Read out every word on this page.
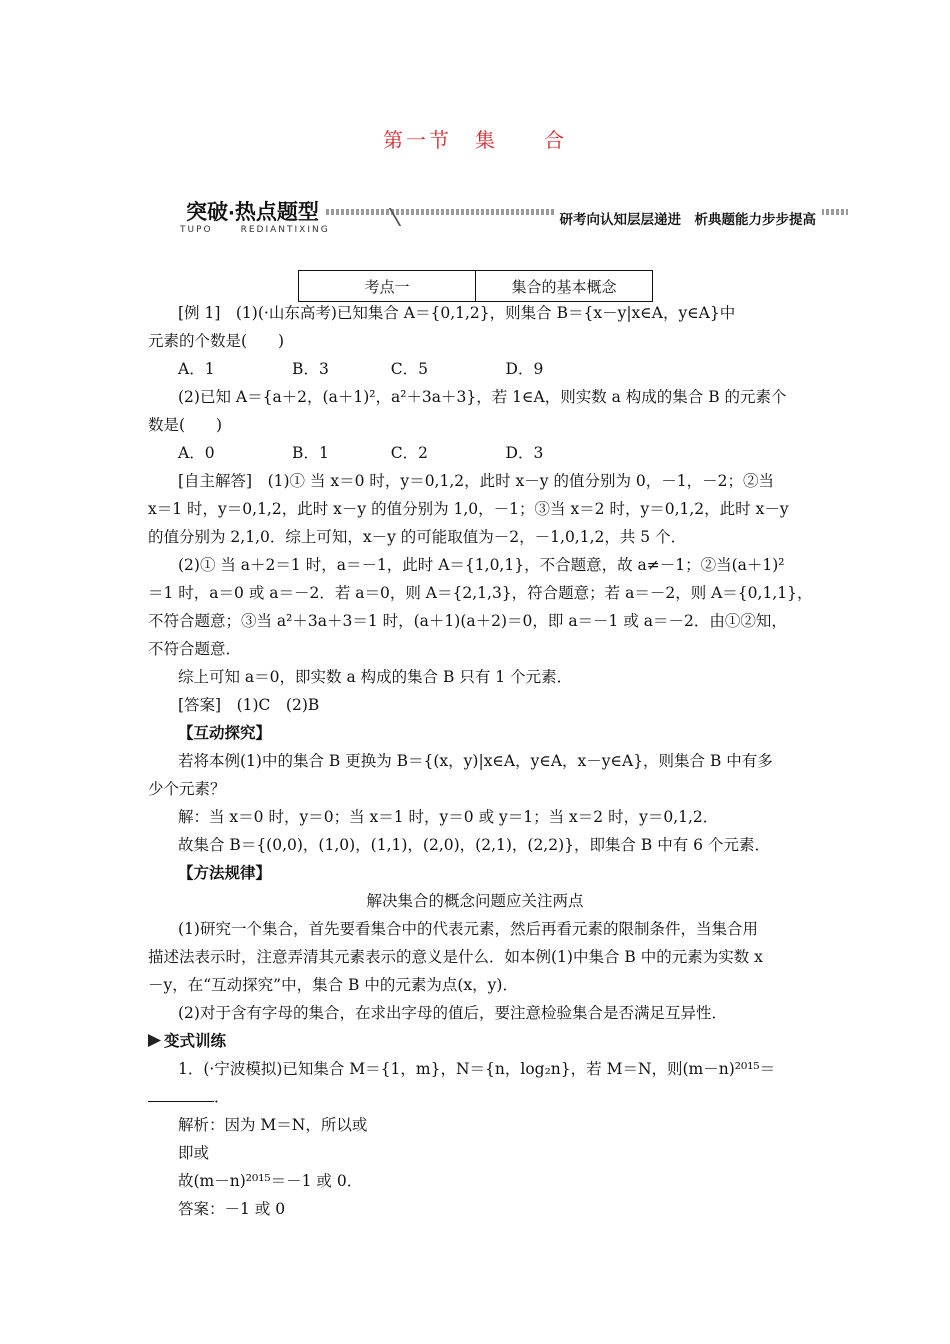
第一节　集　　合
突破·热点题型
TUPO	REDIANTIXING
研考向认知层层递进　析典题能力步步提高
考点一	集合的基本概念
[例 1]　(1)(·山东高考)已知集合 A＝{0,1,2}，则集合 B＝{x－y|x∈A，y∈A}中
元素的个数是(　　)
A．1　　　　　B．3　　　　C．5　　　　　D．9
(2)已知 A＝{a＋2，(a＋1)²，a²＋3a＋3}，若 1∈A，则实数 a 构成的集合 B 的元素个
数是(　　)
A．0　　　　　B．1　　　　C．2　　　　　D．3
[自主解答]　(1)① 当 x＝0 时，y＝0,1,2，此时 x－y 的值分别为 0，－1，－2；②当
x＝1 时，y＝0,1,2，此时 x－y 的值分别为 1,0，－1；③当 x＝2 时，y＝0,1,2，此时 x－y
的值分别为 2,1,0．综上可知，x－y 的可能取值为－2，－1,0,1,2，共 5 个．
(2)① 当 a＋2＝1 时，a＝－1，此时 A＝{1,0,1}，不合题意，故 a≠－1；②当(a＋1)²
＝1 时，a＝0 或 a＝－2．若 a＝0，则 A＝{2,1,3}，符合题意；若 a＝－2，则 A＝{0,1,1}，
不符合题意；③当 a²＋3a＋3＝1 时，(a＋1)(a＋2)＝0，即 a＝－1 或 a＝－2．由①②知，
不符合题意．
综上可知 a＝0，即实数 a 构成的集合 B 只有 1 个元素．
[答案]　(1)C　(2)B
【互动探究】
若将本例(1)中的集合 B 更换为 B＝{(x，y)|x∈A，y∈A，x－y∈A}，则集合 B 中有多
少个元素？
解：当 x＝0 时，y＝0；当 x＝1 时，y＝0 或 y＝1；当 x＝2 时，y＝0,1,2．
故集合 B＝{(0,0)，(1,0)，(1,1)，(2,0)，(2,1)，(2,2)}，即集合 B 中有 6 个元素．
【方法规律】
解决集合的概念问题应关注两点
(1)研究一个集合，首先要看集合中的代表元素，然后再看元素的限制条件，当集合用
描述法表示时，注意弄清其元素表示的意义是什么．如本例(1)中集合 B 中的元素为实数 x
－y，在“互动探究”中，集合 B 中的元素为点(x，y)．
(2)对于含有字母的集合，在求出字母的值后，要注意检验集合是否满足互异性．
变式训练
1．(·宁波模拟)已知集合 M＝{1，m}，N＝{n，log₂n}，若 M＝N，则(m－n)²⁰¹⁵＝
．
解析：因为 M＝N，所以或
即或
故(m－n)²⁰¹⁵＝－1 或 0．
答案：－1 或 0
